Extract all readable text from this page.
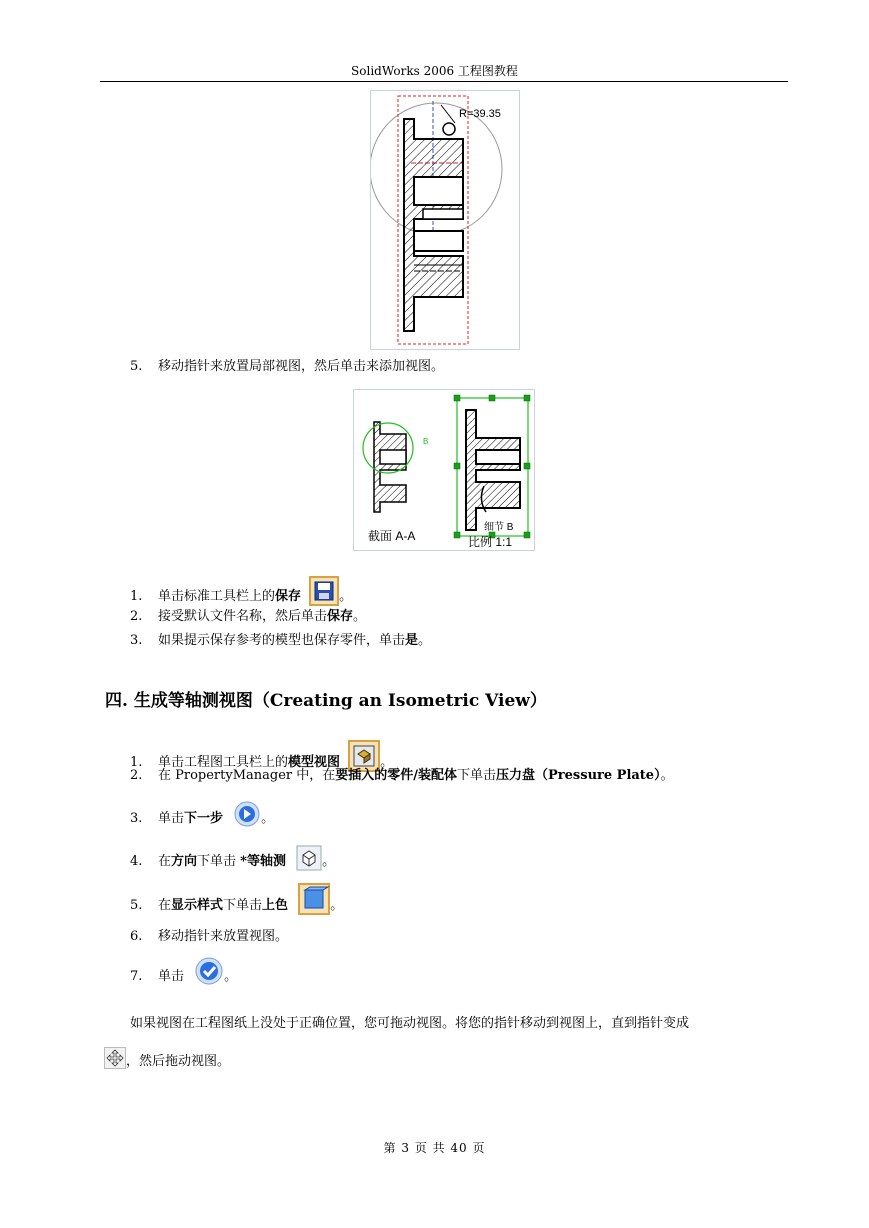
SolidWorks 2006 工程图教程
R=39.35
5. 移动指针来放置局部视图，然后单击来添加视图。
B
截面 A-A
细节 B
比例 1:1
1. 单击标准工具栏上的保存	。
2. 接受默认文件名称，然后单击保存。
3. 如果提示保存参考的模型也保存零件，单击是。
四. 生成等轴测视图（Creating an Isometric View）
1. 单击工程图工具栏上的模型视图	。
2. 在 PropertyManager 中，在要插入的零件/装配体下单击压力盘（Pressure Plate）。
3. 单击下一步	。
4. 在方向下单击 *等轴测	。
5. 在显示样式下单击上色	。
6. 移动指针来放置视图。
7. 单击	。
如果视图在工程图纸上没处于正确位置，您可拖动视图。将您的指针移动到视图上，直到指针变成
，然后拖动视图。
第 3 页 共 40 页
